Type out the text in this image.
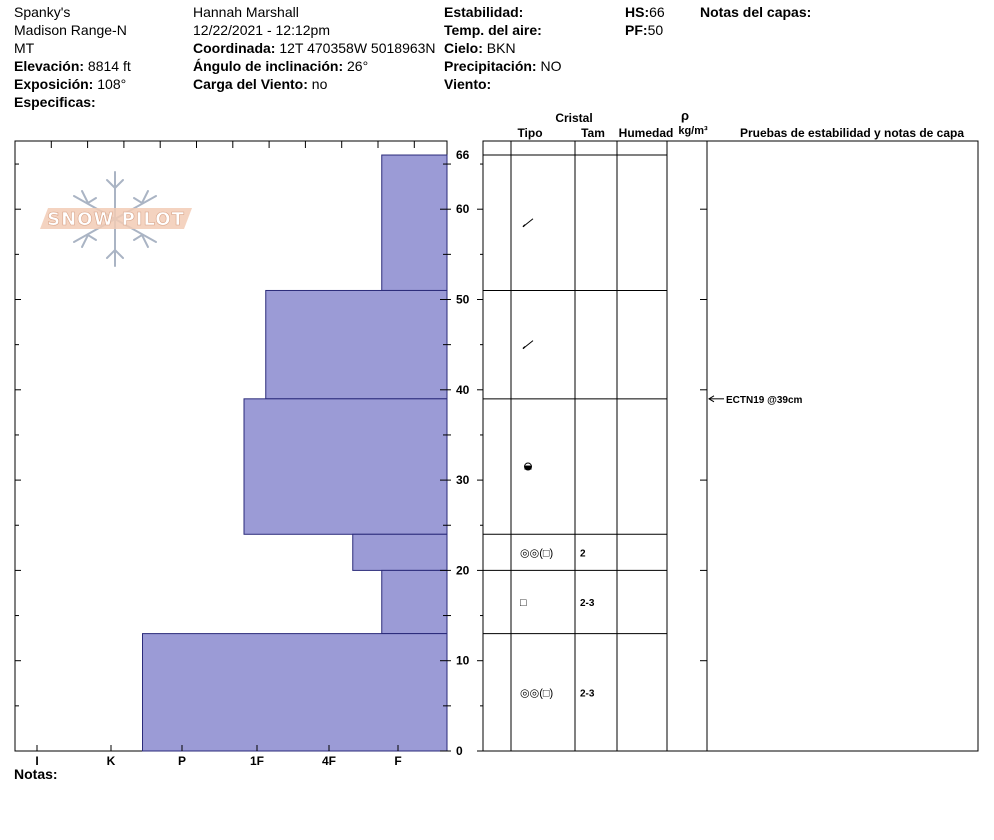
Spanky's
Madison Range-N
MT
Elevación: 8814 ft
Exposición: 108°
Especificas:
Hannah Marshall
12/22/2021 - 12:12pm
Coordinada: 12T 470358W 5018963N
Ángulo de inclinación: 26°
Carga del Viento: no
Estabilidad:
Temp. del aire:
Cielo: BKN
Precipitación: NO
Viento:
HS:66
PF:50
Notas del capas:
Notas:
SNOW PILOT
I	K	P	1F	4F	F
0
10
20
30
40
50
60
66
◎◎(□)	2
□	2-3
◎◎(□)	2-3
ECTN19 @39cm
Cristal
Tipo	Tam Humedad
ρ
kg/m³	Pruebas de estabilidad y notas de capa
